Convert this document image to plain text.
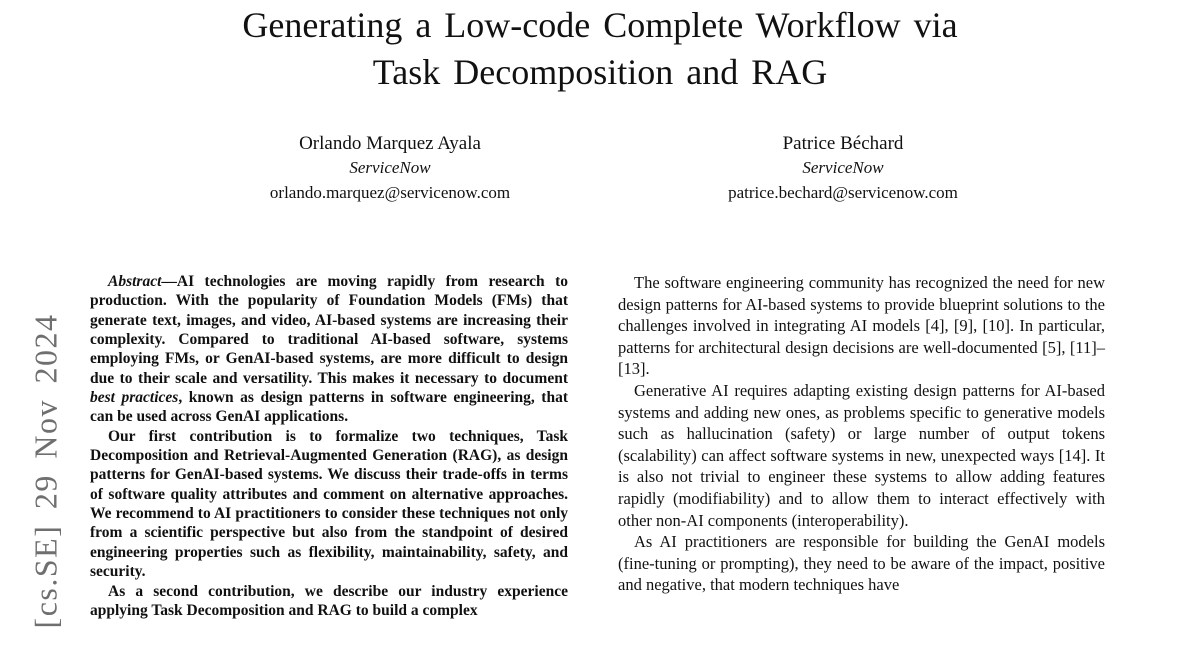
[cs.SE] 29 Nov 2024
Generating a Low-code Complete Workflow via
Task Decomposition and RAG
Orlando Marquez Ayala
ServiceNow
orlando.marquez@servicenow.com
Patrice Béchard
ServiceNow
patrice.bechard@servicenow.com

Abstract—AI technologies are moving rapidly from research to production. With the popularity of Foundation Models (FMs) that generate text, images, and video, AI-based systems are increasing their complexity. Compared to traditional AI-based software, systems employing FMs, or GenAI-based systems, are more difficult to design due to their scale and versatility. This makes it necessary to document best practices, known as design patterns in software engineering, that can be used across GenAI applications.

Our first contribution is to formalize two techniques, Task Decomposition and Retrieval-Augmented Generation (RAG), as design patterns for GenAI-based systems. We discuss their trade-offs in terms of software quality attributes and comment on alternative approaches. We recommend to AI practitioners to consider these techniques not only from a scientific perspective but also from the standpoint of desired engineering properties such as flexibility, maintainability, safety, and security.

As a second contribution, we describe our industry experience applying Task Decomposition and RAG to build a complex

The software engineering community has recognized the need for new design patterns for AI-based systems to provide blueprint solutions to the challenges involved in integrating AI models [4], [9], [10]. In particular, patterns for architectural design decisions are well-documented [5], [11]–[13].

Generative AI requires adapting existing design patterns for AI-based systems and adding new ones, as problems specific to generative models such as hallucination (safety) or large number of output tokens (scalability) can affect software systems in new, unexpected ways [14]. It is also not trivial to engineer these systems to allow adding features rapidly (modifiability) and to allow them to interact effectively with other non-AI components (interoperability).

As AI practitioners are responsible for building the GenAI models (fine-tuning or prompting), they need to be aware of the impact, positive and negative, that modern techniques have
